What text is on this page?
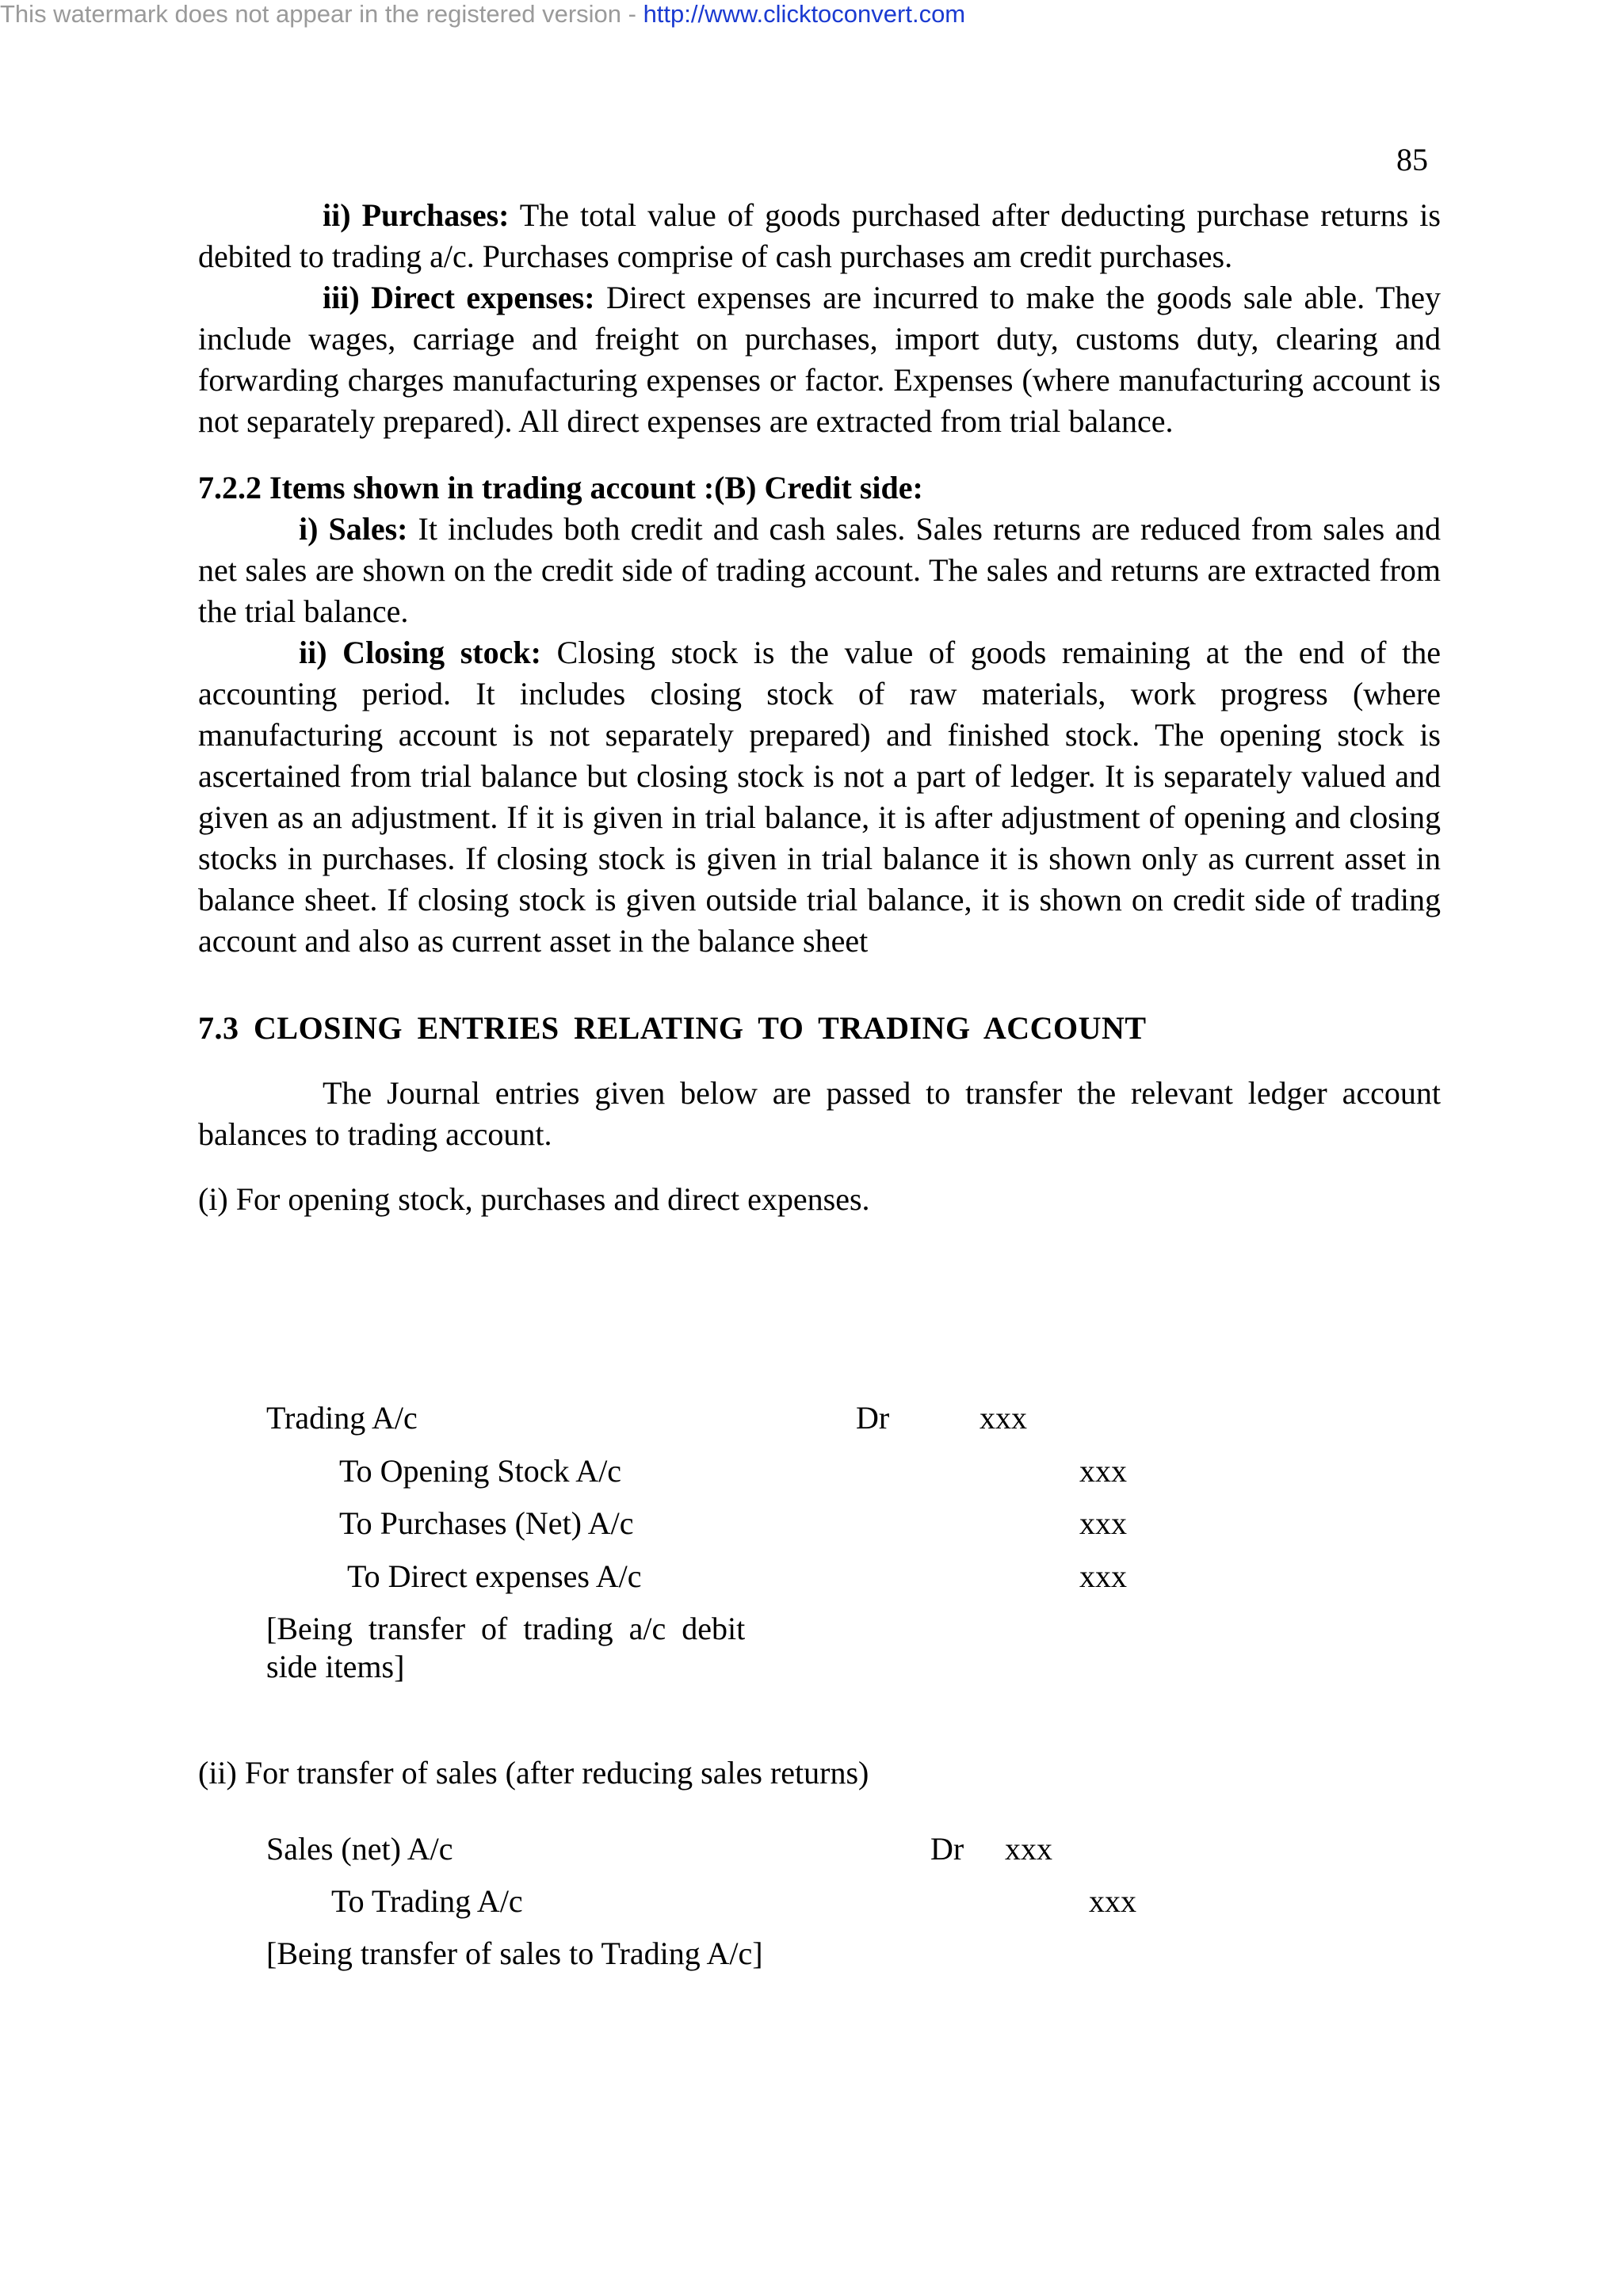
This watermark does not appear in the registered version - http://www.clicktoconvert.com
85

ii) Purchases: The total value of goods purchased after deducting purchase returns is debited to trading a/c. Purchases comprise of cash purchases am credit purchases.

iii) Direct expenses: Direct expenses are incurred to make the goods sale able. They include wages, carriage and freight on purchases, import duty, customs duty, clearing and forwarding charges manufacturing expenses or factor. Expenses (where manufacturing account is not separately prepared). All direct expenses are extracted from trial balance.

7.2.2 Items shown in trading account :(B) Credit side:

i) Sales: It includes both credit and cash sales. Sales returns are reduced from sales and net sales are shown on the credit side of trading account. The sales and returns are extracted from the trial balance.

ii) Closing stock: Closing stock is the value of goods remaining at the end of the accounting period. It includes closing stock of raw materials, work progress (where manufacturing account is not separately prepared) and finished stock. The opening stock is ascertained from trial balance but closing stock is not a part of ledger. It is separately valued and given as an adjustment. If it is given in trial balance, it is after adjustment of opening and closing stocks in purchases. If closing stock is given in trial balance it is shown only as current asset in balance sheet. If closing stock is given outside trial balance, it is shown on credit side of trading account and also as current asset in the balance sheet

7.3 CLOSING ENTRIES RELATING TO TRADING ACCOUNT

The Journal entries given below are passed to transfer the relevant ledger account balances to trading account.

(i) For opening stock, purchases and direct expenses.

Trading A/c	Dr	xxx
To Opening Stock A/c	xxx
To Purchases (Net) A/c	xxx
To Direct expenses A/c	xxx
[Being  transfer  of  trading  a/c  debit
side items]
(ii) For transfer of sales (after reducing sales returns)
Sales (net) A/c	Dr xxx
To Trading A/c	xxx
[Being transfer of sales to Trading A/c]
